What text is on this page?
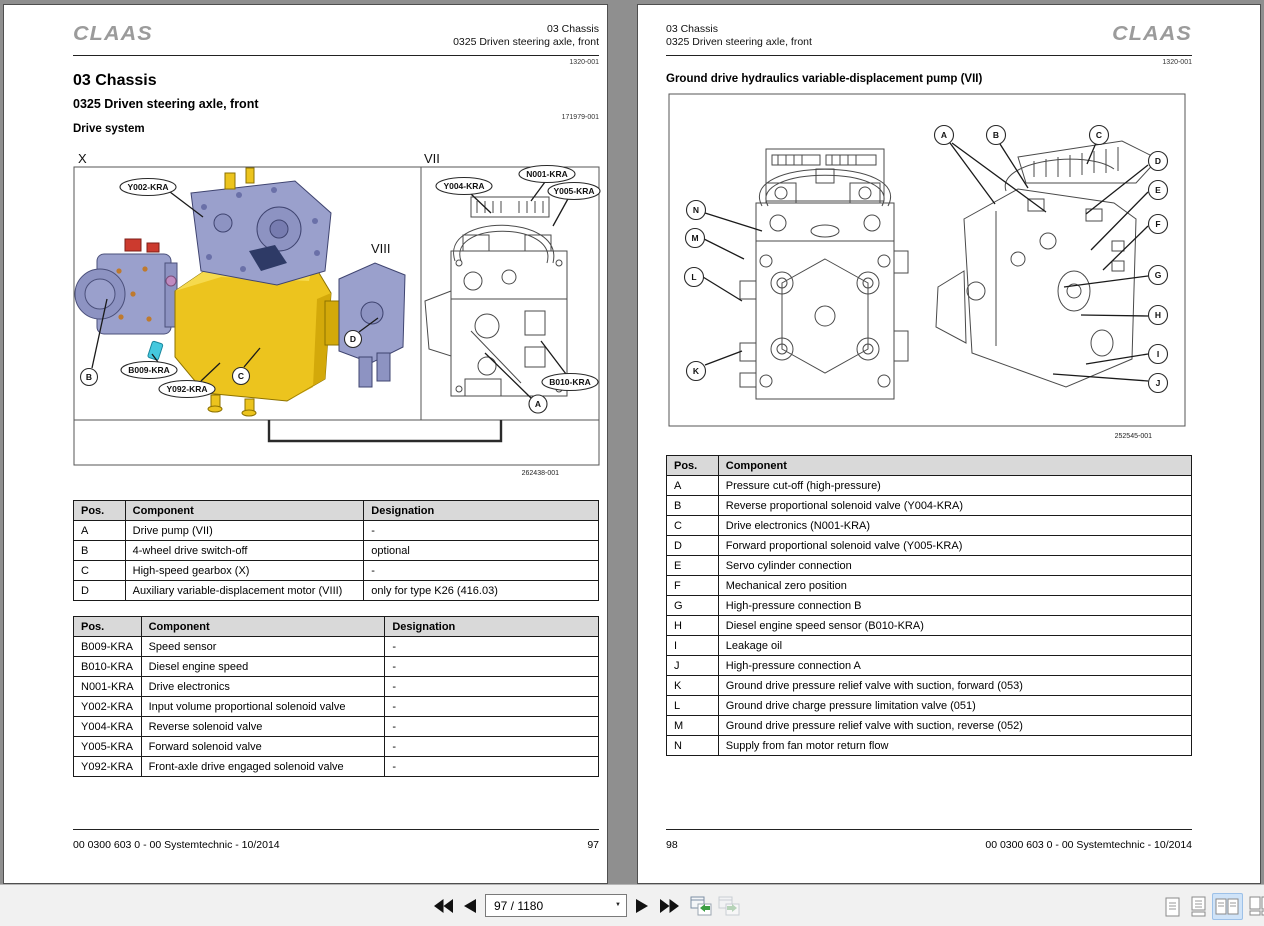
CLAAS	03 Chassis
0325 Driven steering axle, front
1320-001
03 Chassis
0325 Driven steering axle, front
171979-001
Drive system
X	VII
VIII
Y002-KRA
B009-KRA
Y092-KRA
B	C
D
Y004-KRA
N001-KRA
Y005-KRA
B010-KRA
A
262438-001
Pos.	Component	Designation
A	Drive pump (VII)	-
B	4-wheel drive switch-off	optional
C	High-speed gearbox (X)	-
D	Auxiliary variable-displacement motor (VIII)	only for type K26 (416.03)
Pos.	Component	Designation
B009-KRA	Speed sensor	-
B010-KRA	Diesel engine speed	-
N001-KRA	Drive electronics	-
Y002-KRA	Input volume proportional solenoid valve	-
Y004-KRA	Reverse solenoid valve	-
Y005-KRA	Forward solenoid valve	-
Y092-KRA	Front-axle drive engaged solenoid valve	-
00 0300 603 0 - 00 Systemtechnic - 10/2014	97
03 Chassis
0325 Driven steering axle, front	CLAAS
1320-001
Ground drive hydraulics variable-displacement pump (VII)
N
M
L
K
A	B	C
D
E
F
G
H
I
J
252545-001
Pos.	Component
A	Pressure cut-off (high-pressure)
B	Reverse proportional solenoid valve (Y004-KRA)
C	Drive electronics (N001-KRA)
D	Forward proportional solenoid valve (Y005-KRA)
E	Servo cylinder connection
F	Mechanical zero position
G	High-pressure connection B
H	Diesel engine speed sensor (B010-KRA)
I	Leakage oil
J	High-pressure connection A
K	Ground drive pressure relief valve with suction, forward (053)
L	Ground drive charge pressure limitation valve (051)
M	Ground drive pressure relief valve with suction, reverse (052)
N	Supply from fan motor return flow
98	00 0300 603 0 - 00 Systemtechnic - 10/2014
97 / 1180
▼
